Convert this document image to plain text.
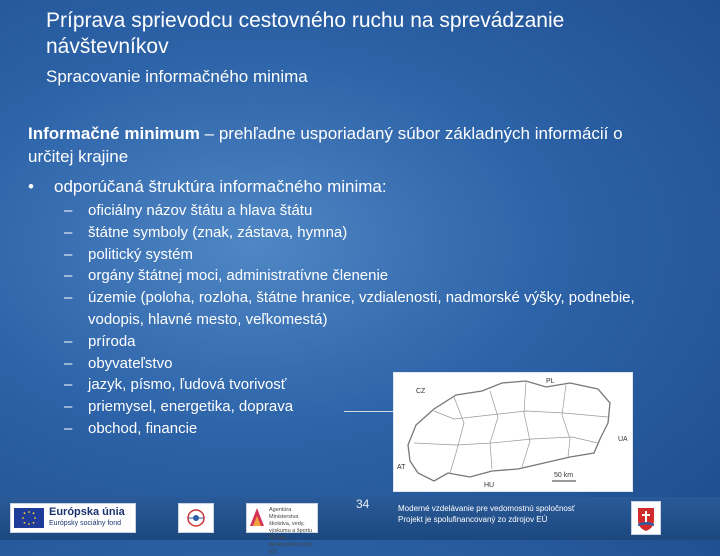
Príprava sprievodcu cestovného ruchu na sprevádzanie návštevníkov
Spracovanie informačného minima
Informačné minimum – prehľadne usporiadaný súbor základných informácií o určitej krajine
• odporúčaná štruktúra informačného minima:
– oficiálny názov štátu a hlava štátu
– štátne symboly (znak, zástava, hymna)
– politický systém
– orgány štátnej moci, administratívne členenie
– územie (poloha, rozloha, štátne hranice, vzdialenosti, nadmorské výšky, podnebie, vodopis, hlavné mesto, veľkomestá)
– príroda
– obyvateľstvo
– jazyk, písmo, ľudová tvorivosť
– priemysel, energetika, doprava
– obchod, financie
CZ
PL
UA
AT
HU
50 km
Európska únia
Európsky sociálny fond
Agentúra Ministerstva školstva, vedy, výskumu a športu SR pre štrukturálne fondy EÚ
34	Moderné vzdelávanie pre vedomostnú spoločnosť
Projekt je spolufinancovaný zo zdrojov EÚ
